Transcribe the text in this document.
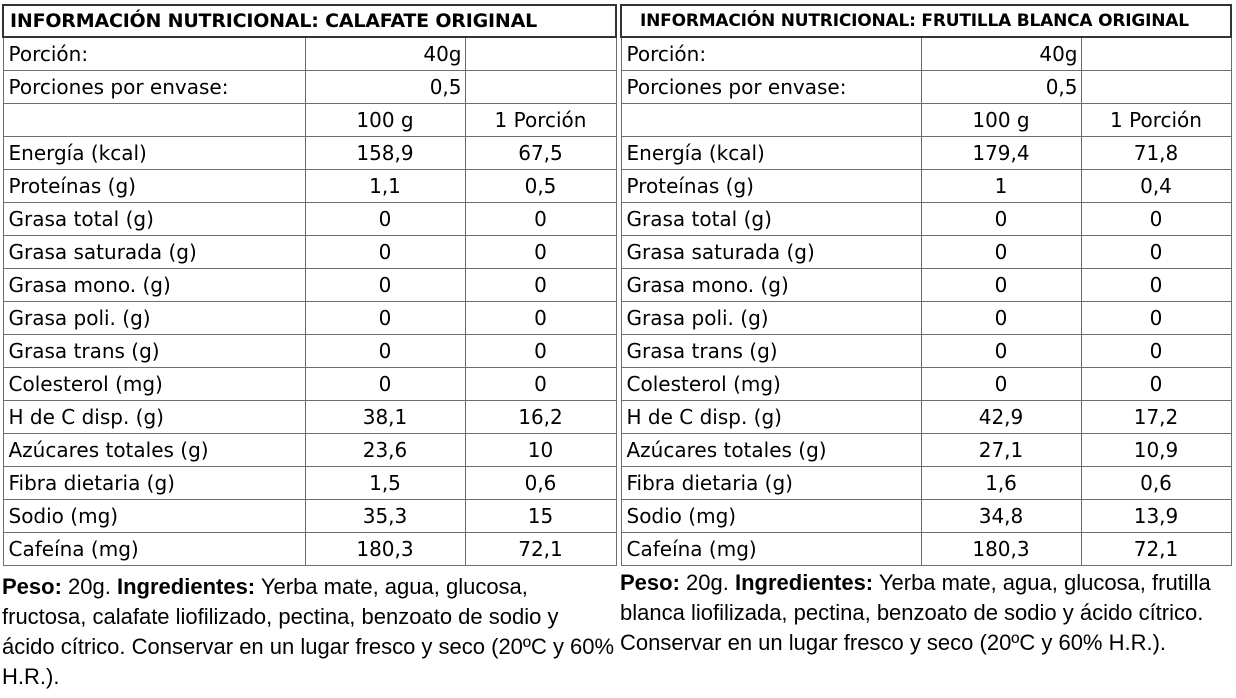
INFORMACIÓN NUTRICIONAL: CALAFATE ORIGINAL		
Porción:	40g	
Porciones por envase:	0,5	
	100 g	1 Porción
Energía (kcal)	158,9	67,5
Proteínas (g)	1,1	0,5
Grasa total (g)	0	0
Grasa saturada (g)	0	0
Grasa mono. (g)	0	0
Grasa poli. (g)	0	0
Grasa trans (g)	0	0
Colesterol (mg)	0	0
H de C disp. (g)	38,1	16,2
Azúcares totales (g)	23,6	10
Fibra dietaria (g)	1,5	0,6
Sodio (mg)	35,3	15
Cafeína (mg)	180,3	72,1
Peso: 20g. Ingredientes: Yerba mate, agua, glucosa, fructosa, calafate liofilizado, pectina, benzoato de sodio y ácido cítrico. Conservar en un lugar fresco y seco (20ºC y 60% H.R.).
INFORMACIÓN NUTRICIONAL: FRUTILLA BLANCA ORIGINAL		
Porción:	40g	
Porciones por envase:	0,5	
	100 g	1 Porción
Energía (kcal)	179,4	71,8
Proteínas (g)	1	0,4
Grasa total (g)	0	0
Grasa saturada (g)	0	0
Grasa mono. (g)	0	0
Grasa poli. (g)	0	0
Grasa trans (g)	0	0
Colesterol (mg)	0	0
H de C disp. (g)	42,9	17,2
Azúcares totales (g)	27,1	10,9
Fibra dietaria (g)	1,6	0,6
Sodio (mg)	34,8	13,9
Cafeína (mg)	180,3	72,1
Peso: 20g. Ingredientes: Yerba mate, agua, glucosa, frutilla blanca liofilizada, pectina, benzoato de sodio y ácido cítrico. Conservar en un lugar fresco y seco (20ºC y 60% H.R.).
